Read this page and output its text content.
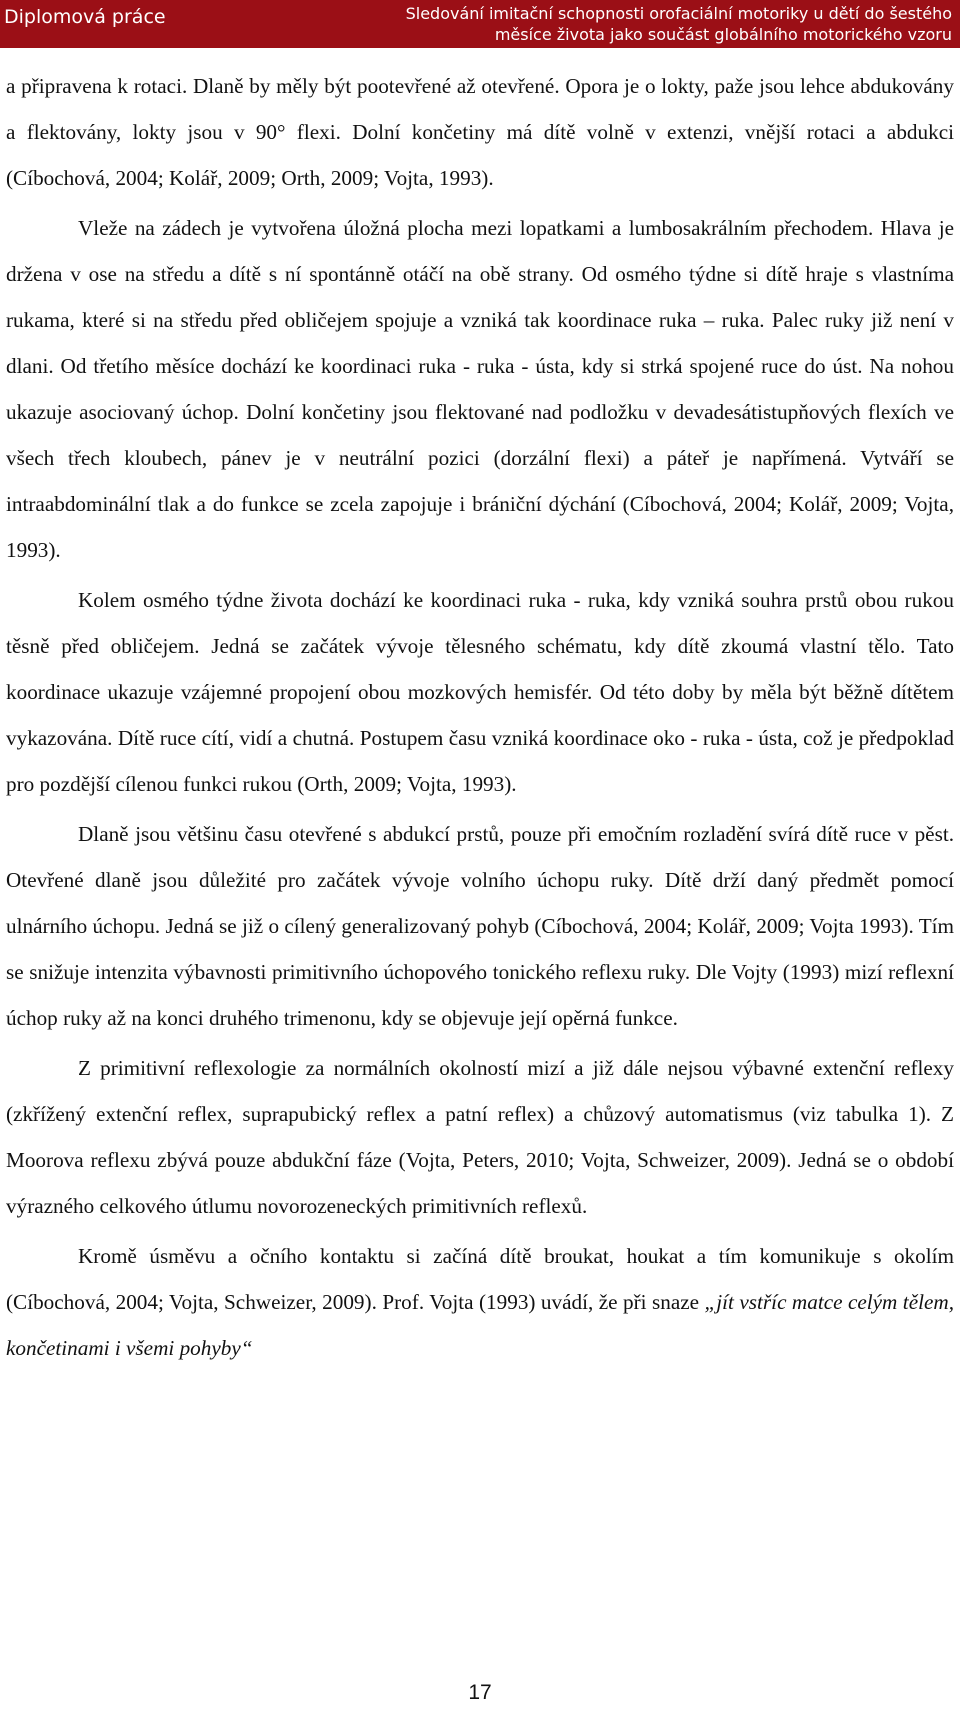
Diplomová práce	Sledování imitační schopnosti orofaciální motoriky u dětí do šestého
měsíce života jako součást globálního motorického vzoru

a připravena k rotaci. Dlaně by měly být pootevřené až otevřené. Opora je o lokty, paže jsou lehce abdukovány a flektovány, lokty jsou v 90° flexi. Dolní končetiny má dítě volně v extenzi, vnější rotaci a abdukci (Cíbochová, 2004; Kolář, 2009; Orth, 2009; Vojta, 1993).

Vleže na zádech je vytvořena úložná plocha mezi lopatkami a lumbosakrálním přechodem. Hlava je držena v ose na středu a dítě s ní spontánně otáčí na obě strany. Od osmého týdne si dítě hraje s vlastníma rukama, které si na středu před obličejem spojuje a vzniká tak koordinace ruka – ruka. Palec ruky již není v dlani. Od třetího měsíce dochází ke koordinaci ruka - ruka - ústa, kdy si strká spojené ruce do úst. Na nohou ukazuje asociovaný úchop. Dolní končetiny jsou flektované nad podložku v devadesátistupňových flexích ve všech třech kloubech, pánev je v neutrální pozici (dorzální flexi) a páteř je napřímená. Vytváří se intraabdominální tlak a do funkce se zcela zapojuje i brániční dýchání (Cíbochová, 2004; Kolář, 2009; Vojta, 1993).

Kolem osmého týdne života dochází ke koordinaci ruka - ruka, kdy vzniká souhra prstů obou rukou těsně před obličejem. Jedná se začátek vývoje tělesného schématu, kdy dítě zkoumá vlastní tělo. Tato koordinace ukazuje vzájemné propojení obou mozkových hemisfér. Od této doby by měla být běžně dítětem vykazována. Dítě ruce cítí, vidí a chutná. Postupem času vzniká koordinace oko - ruka - ústa, což je předpoklad pro pozdější cílenou funkci rukou (Orth, 2009; Vojta, 1993).

Dlaně jsou většinu času otevřené s abdukcí prstů, pouze při emočním rozladění svírá dítě ruce v pěst. Otevřené dlaně jsou důležité pro začátek vývoje volního úchopu ruky. Dítě drží daný předmět pomocí ulnárního úchopu. Jedná se již o cílený generalizovaný pohyb (Cíbochová, 2004; Kolář, 2009; Vojta 1993). Tím se snižuje intenzita výbavnosti primitivního úchopového tonického reflexu ruky. Dle Vojty (1993) mizí reflexní úchop ruky až na konci druhého trimenonu, kdy se objevuje její opěrná funkce.

Z primitivní reflexologie za normálních okolností mizí a již dále nejsou výbavné extenční reflexy (zkřížený extenční reflex, suprapubický reflex a patní reflex) a chůzový automatismus (viz tabulka 1). Z Moorova reflexu zbývá pouze abdukční fáze (Vojta, Peters, 2010; Vojta, Schweizer, 2009). Jedná se o období výrazného celkového útlumu novorozeneckých primitivních reflexů.

Kromě úsměvu a očního kontaktu si začíná dítě broukat, houkat a tím komunikuje s okolím (Cíbochová, 2004; Vojta, Schweizer, 2009). Prof. Vojta (1993) uvádí, že při snaze „jít vstříc matce celým tělem, končetinami i všemi pohyby“

17
